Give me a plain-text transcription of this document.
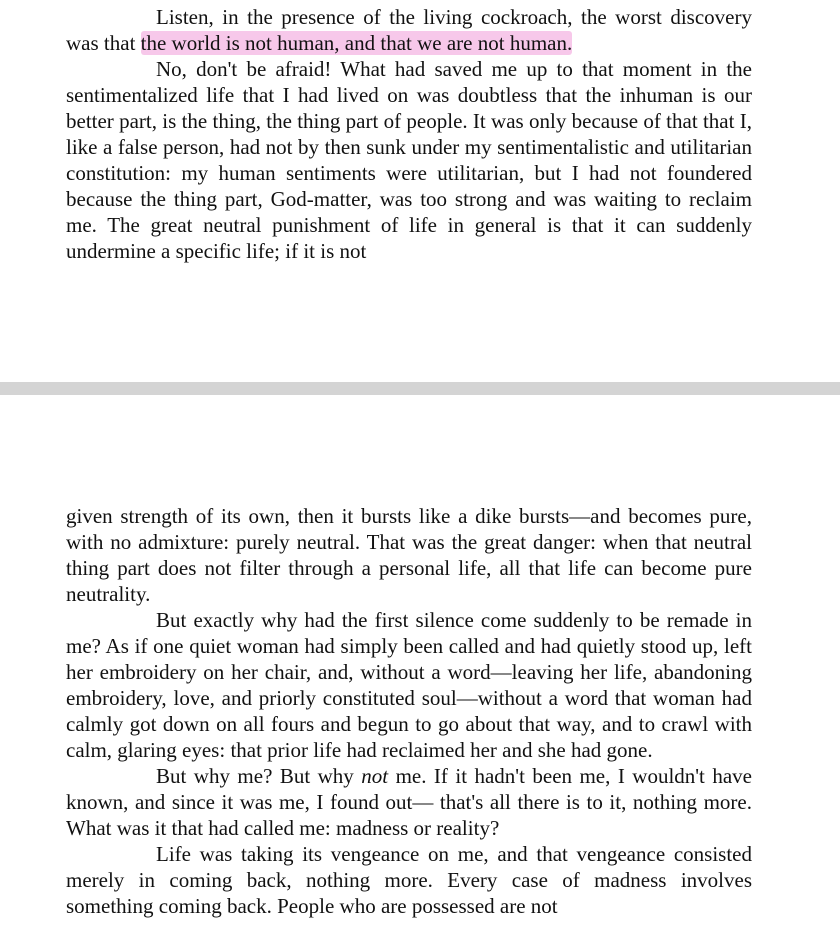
Listen, in the presence of the living cockroach, the worst discovery was that the world is not human, and that we are not human.

No, don't be afraid! What had saved me up to that moment in the sentimentalized life that I had lived on was doubtless that the inhuman is our better part, is the thing, the thing part of people. It was only because of that that I, like a false person, had not by then sunk under my sentimentalistic and utilitarian constitution: my human sentiments were utilitarian, but I had not foundered because the thing part, God-matter, was too strong and was waiting to reclaim me. The great neutral punishment of life in general is that it can suddenly undermine a specific life; if it is not

given strength of its own, then it bursts like a dike bursts—and becomes pure, with no admixture: purely neutral. That was the great danger: when that neutral thing part does not filter through a personal life, all that life can become pure neutrality.

But exactly why had the first silence come suddenly to be remade in me? As if one quiet woman had simply been called and had quietly stood up, left her embroidery on her chair, and, without a word—leaving her life, abandoning embroidery, love, and priorly constituted soul—without a word that woman had calmly got down on all fours and begun to go about that way, and to crawl with calm, glaring eyes: that prior life had reclaimed her and she had gone.

But why me? But why not me. If it hadn't been me, I wouldn't have known, and since it was me, I found out— that's all there is to it, nothing more. What was it that had called me: madness or reality?

Life was taking its vengeance on me, and that vengeance consisted merely in coming back, nothing more. Every case of madness involves something coming back. People who are possessed are not
